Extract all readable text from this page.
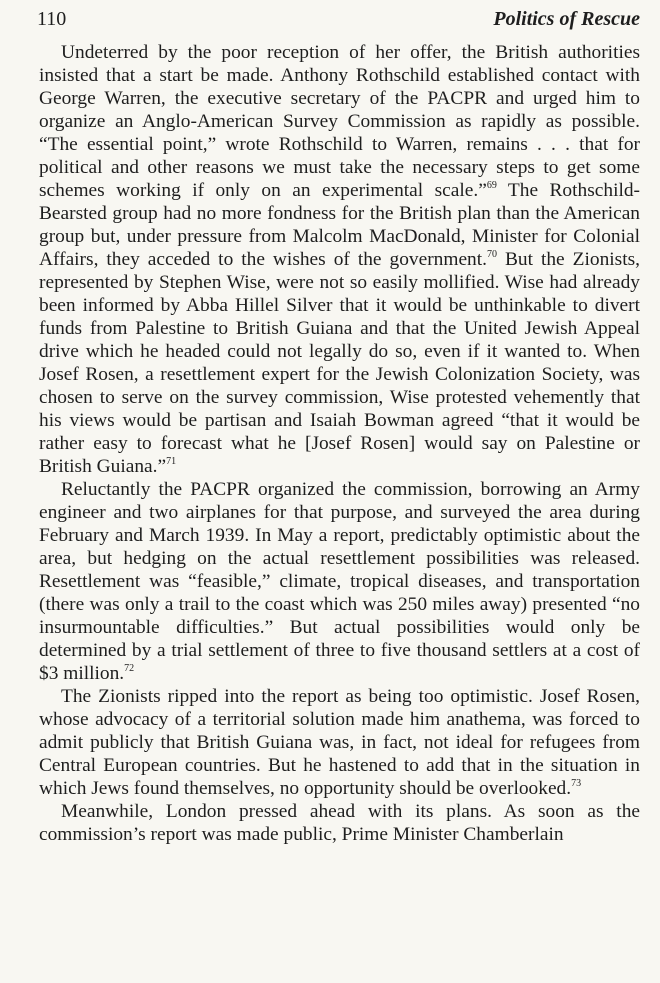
110	Politics of Rescue

Undeterred by the poor reception of her offer, the British authorities insisted that a start be made. Anthony Rothschild established contact with George Warren, the executive secretary of the PACPR and urged him to organize an Anglo-American Survey Commission as rapidly as possible. “The essential point,” wrote Rothschild to Warren, remains . . . that for political and other reasons we must take the necessary steps to get some schemes working if only on an experimental scale.”$^{69}$ The Rothschild-Bearsted group had no more fondness for the British plan than the American group but, under pressure from Malcolm MacDonald, Minister for Colonial Affairs, they acceded to the wishes of the government.$^{70}$ But the Zionists, represented by Stephen Wise, were not so easily mollified. Wise had already been informed by Abba Hillel Silver that it would be unthinkable to divert funds from Palestine to British Guiana and that the United Jewish Appeal drive which he headed could not legally do so, even if it wanted to. When Josef Rosen, a resettlement expert for the Jewish Colonization Society, was chosen to serve on the survey commission, Wise protested vehemently that his views would be partisan and Isaiah Bowman agreed “that it would be rather easy to forecast what he [Josef Rosen] would say on Palestine or British Guiana.”$^{71}$

Reluctantly the PACPR organized the commission, borrowing an Army engineer and two airplanes for that purpose, and surveyed the area during February and March 1939. In May a report, predictably optimistic about the area, but hedging on the actual resettlement possibilities was released. Resettlement was “feasible,” climate, tropical diseases, and transportation (there was only a trail to the coast which was 250 miles away) presented “no insurmountable difficulties.” But actual possibilities would only be determined by a trial settlement of three to five thousand settlers at a cost of $3 million.$^{72}$

The Zionists ripped into the report as being too optimistic. Josef Rosen, whose advocacy of a territorial solution made him anathema, was forced to admit publicly that British Guiana was, in fact, not ideal for refugees from Central European countries. But he hastened to add that in the situation in which Jews found themselves, no opportunity should be overlooked.$^{73}$

Meanwhile, London pressed ahead with its plans. As soon as the commission’s report was made public, Prime Minister Chamberlain
